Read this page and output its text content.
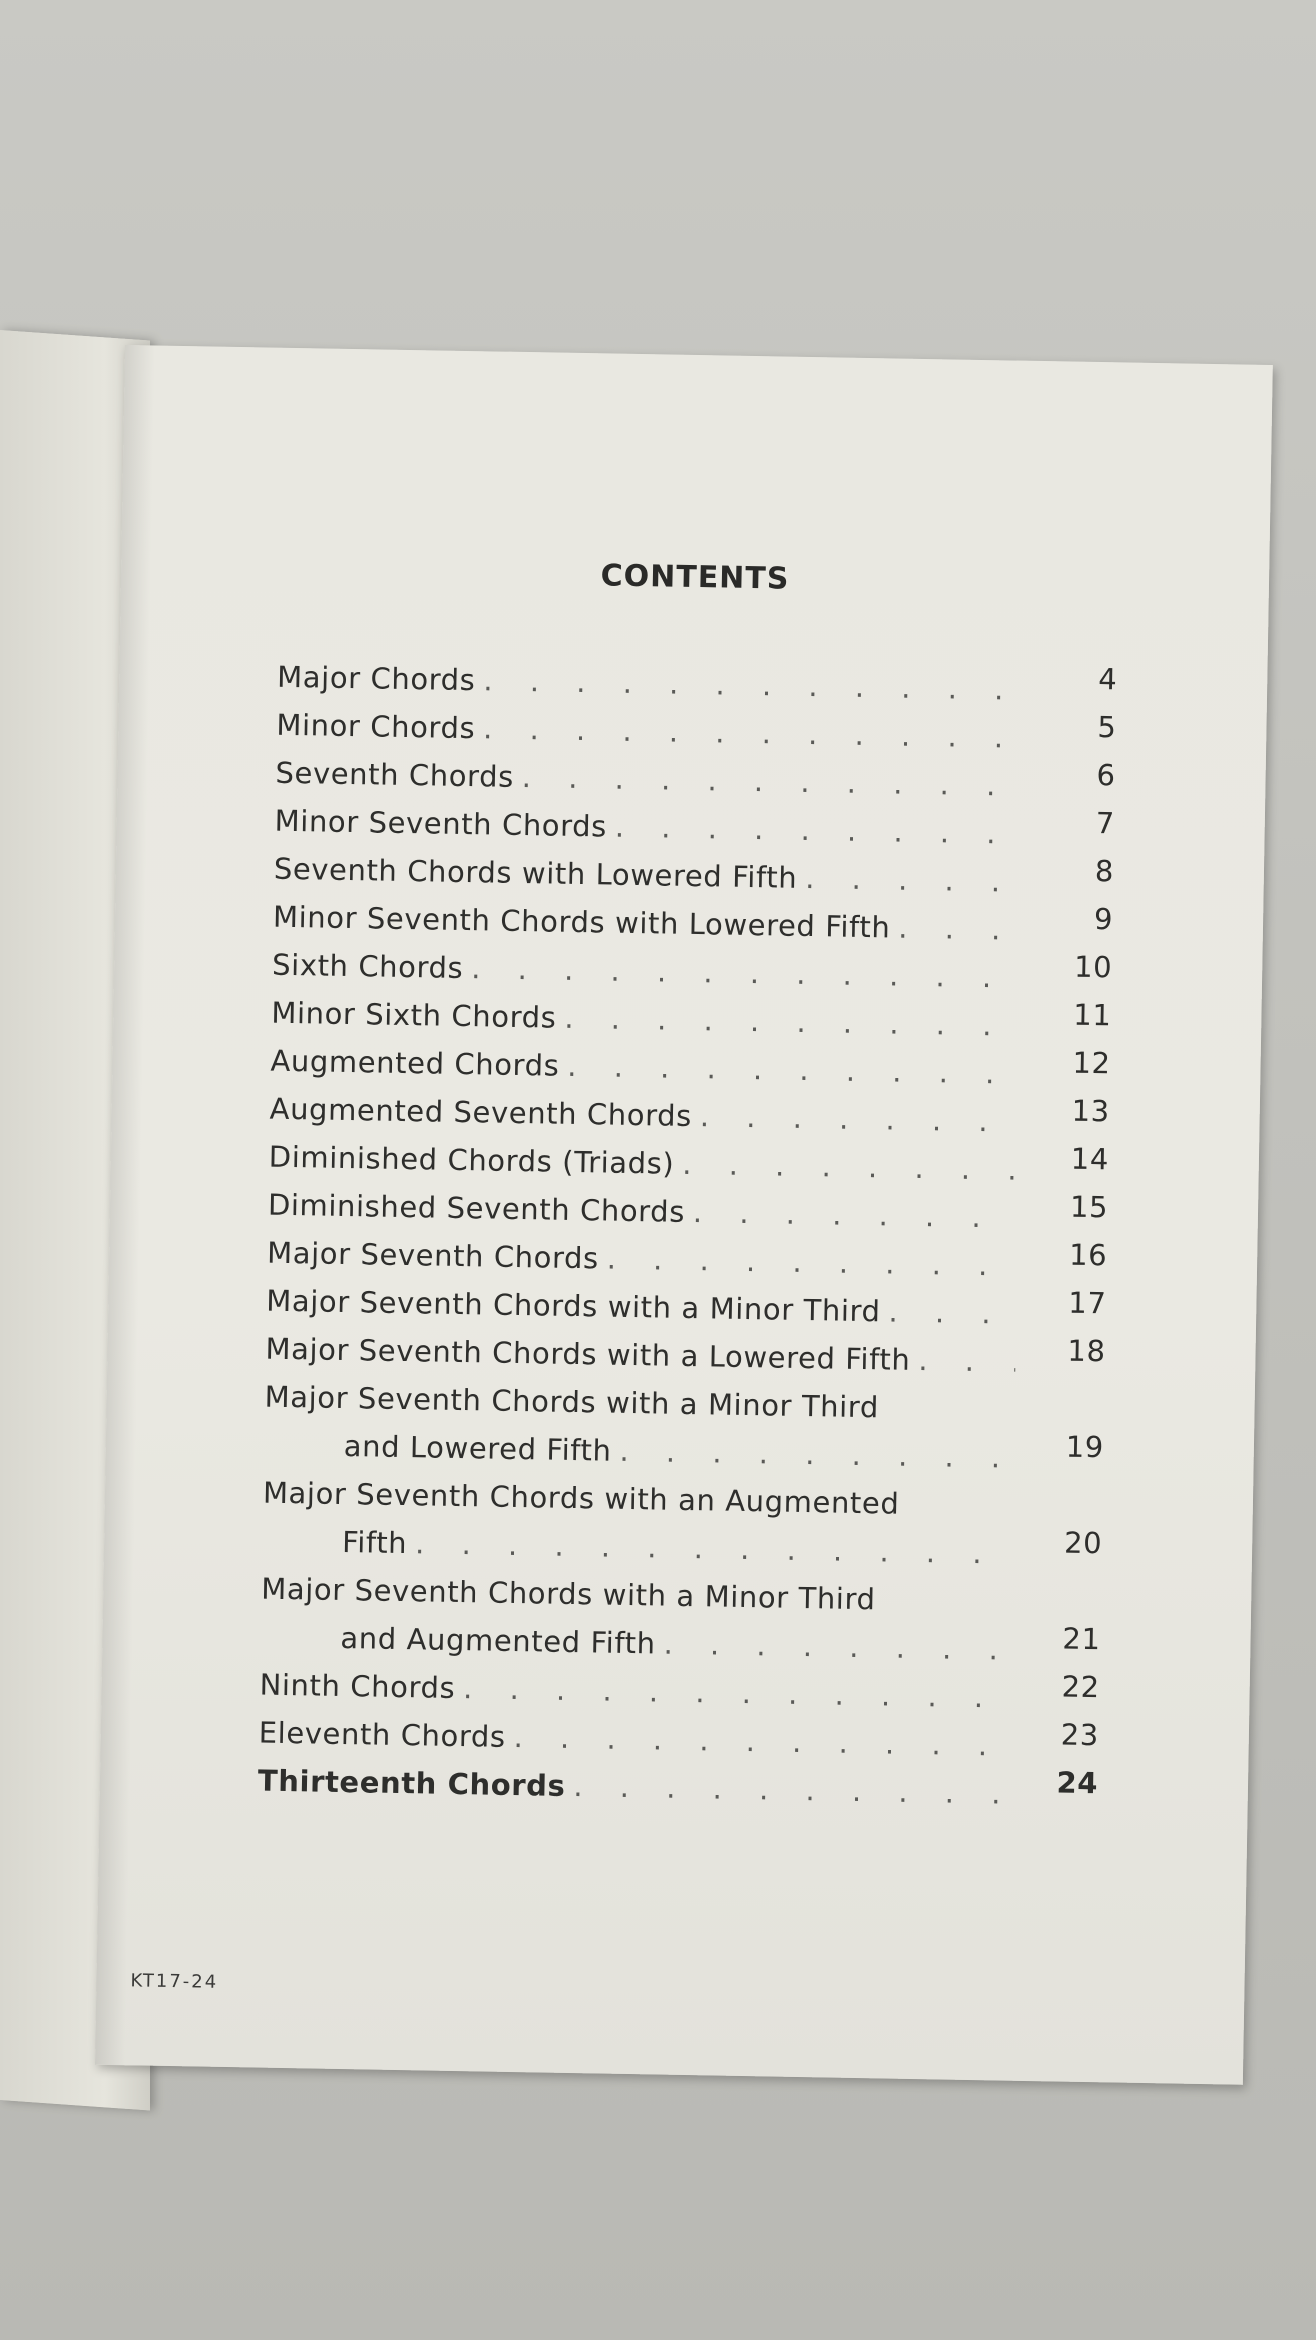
CONTENTS
Major Chords . . .	4
Minor Chords . . .	5
Seventh Chords . . .	6
Minor Seventh Chords . . .	7
Seventh Chords with Lowered Fifth . . .	8
Minor Seventh Chords with Lowered Fifth . . .	9
Sixth Chords . . .	10
Minor Sixth Chords . . .	11
Augmented Chords . . .	12
Augmented Seventh Chords . . .	13
Diminished Chords (Triads) . . .	14
Diminished Seventh Chords . . .	15
Major Seventh Chords . . .	16
Major Seventh Chords with a Minor Third . . .	17
Major Seventh Chords with a Lowered Fifth . . .	18
Major Seventh Chords with a Minor Third
and Lowered Fifth . . .	19
Major Seventh Chords with an Augmented
Fifth . . .	20
Major Seventh Chords with a Minor Third
and Augmented Fifth . . .	21
Ninth Chords . . .	22
Eleventh Chords . . .	23
Thirteenth Chords . . .	24
KT17-24
